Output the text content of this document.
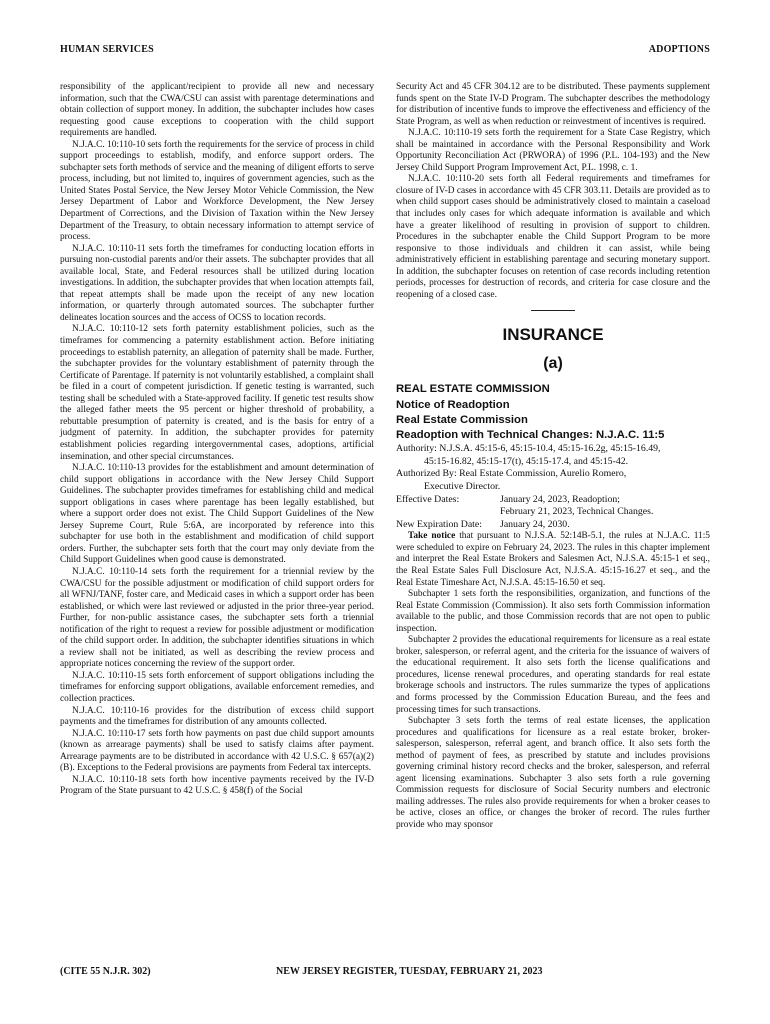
HUMAN SERVICES	ADOPTIONS

responsibility of the applicant/recipient to provide all new and necessary information, such that the CWA/CSU can assist with parentage determinations and obtain collection of support money. In addition, the subchapter includes how cases requesting good cause exceptions to cooperation with the child support requirements are handled.

N.J.A.C. 10:110-10 sets forth the requirements for the service of process in child support proceedings to establish, modify, and enforce support orders. The subchapter sets forth methods of service and the meaning of diligent efforts to serve process, including, but not limited to, inquires of government agencies, such as the United States Postal Service, the New Jersey Motor Vehicle Commission, the New Jersey Department of Labor and Workforce Development, the New Jersey Department of Corrections, and the Division of Taxation within the New Jersey Department of the Treasury, to obtain necessary information to attempt service of process.

N.J.A.C. 10:110-11 sets forth the timeframes for conducting location efforts in pursuing non-custodial parents and/or their assets. The subchapter provides that all available local, State, and Federal resources shall be utilized during location investigations. In addition, the subchapter provides that when location attempts fail, that repeat attempts shall be made upon the receipt of any new location information, or quarterly through automated sources. The subchapter further delineates location sources and the access of OCSS to location records.

N.J.A.C. 10:110-12 sets forth paternity establishment policies, such as the timeframes for commencing a paternity establishment action. Before initiating proceedings to establish paternity, an allegation of paternity shall be made. Further, the subchapter provides for the voluntary establishment of paternity through the Certificate of Parentage. If paternity is not voluntarily established, a complaint shall be filed in a court of competent jurisdiction. If genetic testing is warranted, such testing shall be scheduled with a State-approved facility. If genetic test results show the alleged father meets the 95 percent or higher threshold of probability, a rebuttable presumption of paternity is created, and is the basis for entry of a judgment of paternity. In addition, the subchapter provides for paternity establishment policies regarding intergovernmental cases, adoptions, artificial insemination, and other special circumstances.

N.J.A.C. 10:110-13 provides for the establishment and amount determination of child support obligations in accordance with the New Jersey Child Support Guidelines. The subchapter provides timeframes for establishing child and medical support obligations in cases where parentage has been legally established, but where a support order does not exist. The Child Support Guidelines of the New Jersey Supreme Court, Rule 5:6A, are incorporated by reference into this subchapter for use both in the establishment and modification of child support orders. Further, the subchapter sets forth that the court may only deviate from the Child Support Guidelines when good cause is demonstrated.

N.J.A.C. 10:110-14 sets forth the requirement for a triennial review by the CWA/CSU for the possible adjustment or modification of child support orders for all WFNJ/TANF, foster care, and Medicaid cases in which a support order has been established, or which were last reviewed or adjusted in the prior three-year period. Further, for non-public assistance cases, the subchapter sets forth a triennial notification of the right to request a review for possible adjustment or modification of the child support order. In addition, the subchapter identifies situations in which a review shall not be initiated, as well as describing the review process and appropriate notices concerning the review of the support order.

N.J.A.C. 10:110-15 sets forth enforcement of support obligations including the timeframes for enforcing support obligations, available enforcement remedies, and collection practices.

N.J.A.C. 10:110-16 provides for the distribution of excess child support payments and the timeframes for distribution of any amounts collected.

N.J.A.C. 10:110-17 sets forth how payments on past due child support amounts (known as arrearage payments) shall be used to satisfy claims after payment. Arrearage payments are to be distributed in accordance with 42 U.S.C. § 657(a)(2)(B). Exceptions to the Federal provisions are payments from Federal tax intercepts.

N.J.A.C. 10:110-18 sets forth how incentive payments received by the IV-D Program of the State pursuant to 42 U.S.C. § 458(f) of the Social

Security Act and 45 CFR 304.12 are to be distributed. These payments supplement funds spent on the State IV-D Program. The subchapter describes the methodology for distribution of incentive funds to improve the effectiveness and efficiency of the State Program, as well as when reduction or reinvestment of incentives is required.

N.J.A.C. 10:110-19 sets forth the requirement for a State Case Registry, which shall be maintained in accordance with the Personal Responsibility and Work Opportunity Reconciliation Act (PRWORA) of 1996 (P.L. 104-193) and the New Jersey Child Support Program Improvement Act, P.L. 1998, c. 1.

N.J.A.C. 10:110-20 sets forth all Federal requirements and timeframes for closure of IV-D cases in accordance with 45 CFR 303.11. Details are provided as to when child support cases should be administratively closed to maintain a caseload that includes only cases for which adequate information is available and which have a greater likelihood of resulting in provision of support to children. Procedures in the subchapter enable the Child Support Program to be more responsive to those individuals and children it can assist, while being administratively efficient in establishing parentage and securing monetary support. In addition, the subchapter focuses on retention of case records including retention periods, processes for destruction of records, and criteria for case closure and the reopening of a closed case.

INSURANCE
(a)
REAL ESTATE COMMISSION
Notice of Readoption
Real Estate Commission
Readoption with Technical Changes: N.J.A.C. 11:5
Authority: N.J.S.A. 45:15-6, 45:15-10.4, 45:15-16.2g, 45:15-16.49,
45:15-16.82, 45:15-17(t), 45:15-17.4, and 45:15-42.
Authorized By: Real Estate Commission, Aurelio Romero,
Executive Director.
Effective Dates:	January 24, 2023, Readoption;
February 21, 2023, Technical Changes.
New Expiration Date:	January 24, 2030.

Take notice that pursuant to N.J.S.A. 52:14B-5.1, the rules at N.J.A.C. 11:5 were scheduled to expire on February 24, 2023. The rules in this chapter implement and interpret the Real Estate Brokers and Salesmen Act, N.J.S.A. 45:15-1 et seq., the Real Estate Sales Full Disclosure Act, N.J.S.A. 45:15-16.27 et seq., and the Real Estate Timeshare Act, N.J.S.A. 45:15-16.50 et seq.

Subchapter 1 sets forth the responsibilities, organization, and functions of the Real Estate Commission (Commission). It also sets forth Commission information available to the public, and those Commission records that are not open to public inspection.

Subchapter 2 provides the educational requirements for licensure as a real estate broker, salesperson, or referral agent, and the criteria for the issuance of waivers of the educational requirement. It also sets forth the license qualifications and procedures, license renewal procedures, and operating standards for real estate brokerage schools and instructors. The rules summarize the types of applications and forms processed by the Commission Education Bureau, and the fees and processing times for such transactions.

Subchapter 3 sets forth the terms of real estate licenses, the application procedures and qualifications for licensure as a real estate broker, broker-salesperson, salesperson, referral agent, and branch office. It also sets forth the method of payment of fees, as prescribed by statute and includes provisions governing criminal history record checks and the broker, salesperson, and referral agent licensing examinations. Subchapter 3 also sets forth a rule governing Commission requests for disclosure of Social Security numbers and electronic mailing addresses. The rules also provide requirements for when a broker ceases to be active, closes an office, or changes the broker of record. The rules further provide who may sponsor

(CITE 55 N.J.R. 302)	NEW JERSEY REGISTER, TUESDAY, FEBRUARY 21, 2023
